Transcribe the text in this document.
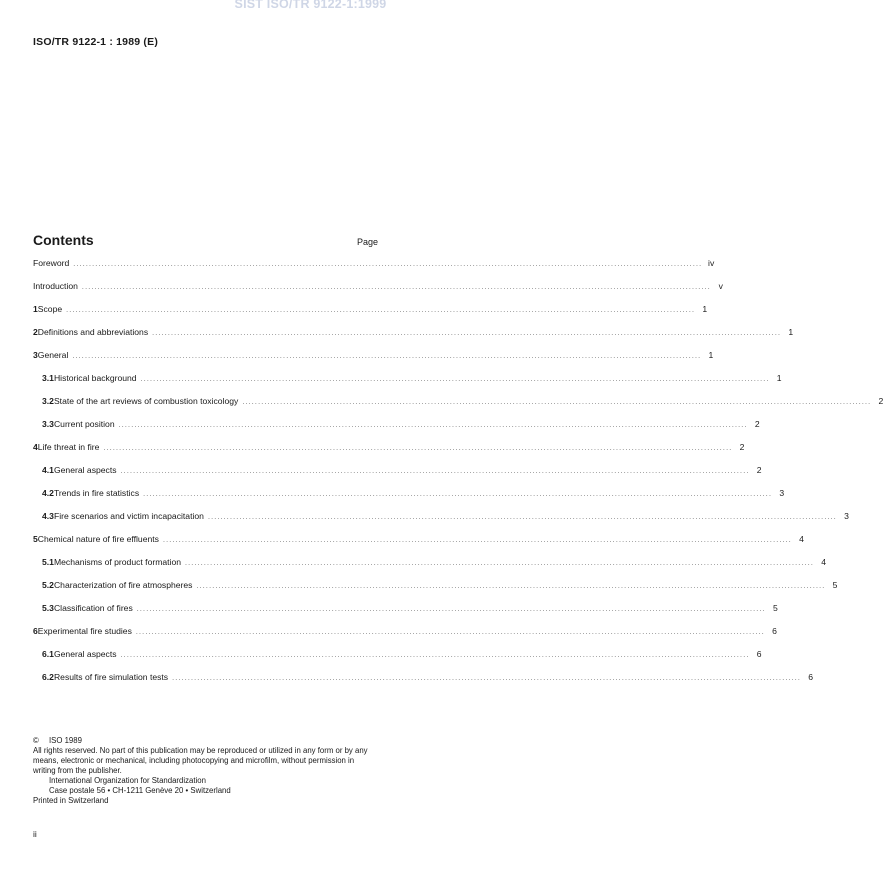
SIST ISO/TR 9122-1:1999
ISO/TR 9122-1 : 1989 (E)
Contents	Page
Foreword ........................................................................................................................................................................................................ iv
Introduction ........................................................................................................................................................................................................ v
1 Scope ........................................................................................................................................................................................................ 1
2 Definitions and abbreviations ........................................................................................................................................................................................................ 1
3 General ........................................................................................................................................................................................................ 1
3.1 Historical background ........................................................................................................................................................................................................ 1
3.2 State of the art reviews of combustion toxicology ........................................................................................................................................................................................................ 2
3.3 Current position ........................................................................................................................................................................................................ 2
4 Life threat in fire ........................................................................................................................................................................................................ 2
4.1 General aspects ........................................................................................................................................................................................................ 2
4.2 Trends in fire statistics ........................................................................................................................................................................................................ 3
4.3 Fire scenarios and victim incapacitation ........................................................................................................................................................................................................ 3
5 Chemical nature of fire effluents ........................................................................................................................................................................................................ 4
5.1 Mechanisms of product formation ........................................................................................................................................................................................................ 4
5.2 Characterization of fire atmospheres ........................................................................................................................................................................................................ 5
5.3 Classification of fires ........................................................................................................................................................................................................ 5
6 Experimental fire studies ........................................................................................................................................................................................................ 6
6.1 General aspects ........................................................................................................................................................................................................ 6
6.2 Results of fire simulation tests ........................................................................................................................................................................................................ 6
© ISO 1989
All rights reserved. No part of this publication may be reproduced or utilized in any form or by any
means, electronic or mechanical, including photocopying and microfilm, without permission in
writing from the publisher.
International Organization for Standardization
Case postale 56 • CH-1211 Genève 20 • Switzerland
Printed in Switzerland
ii
